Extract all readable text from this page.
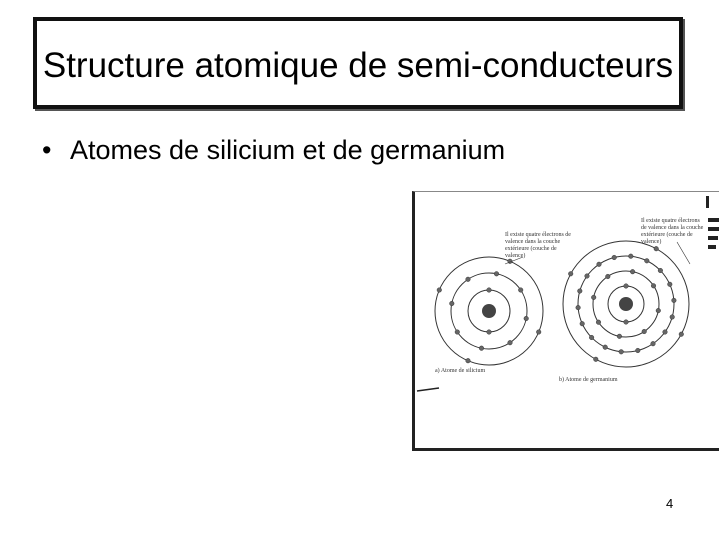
Structure atomique de semi-conducteurs
• Atomes de silicium et de germanium
Il existe quatre électrons de valence dans la couche extérieure (couche de valence)
Il existe quatre électrons de valence dans la couche extérieure (couche de valence)
a) Atome de silicium
b) Atome de germanium
4
